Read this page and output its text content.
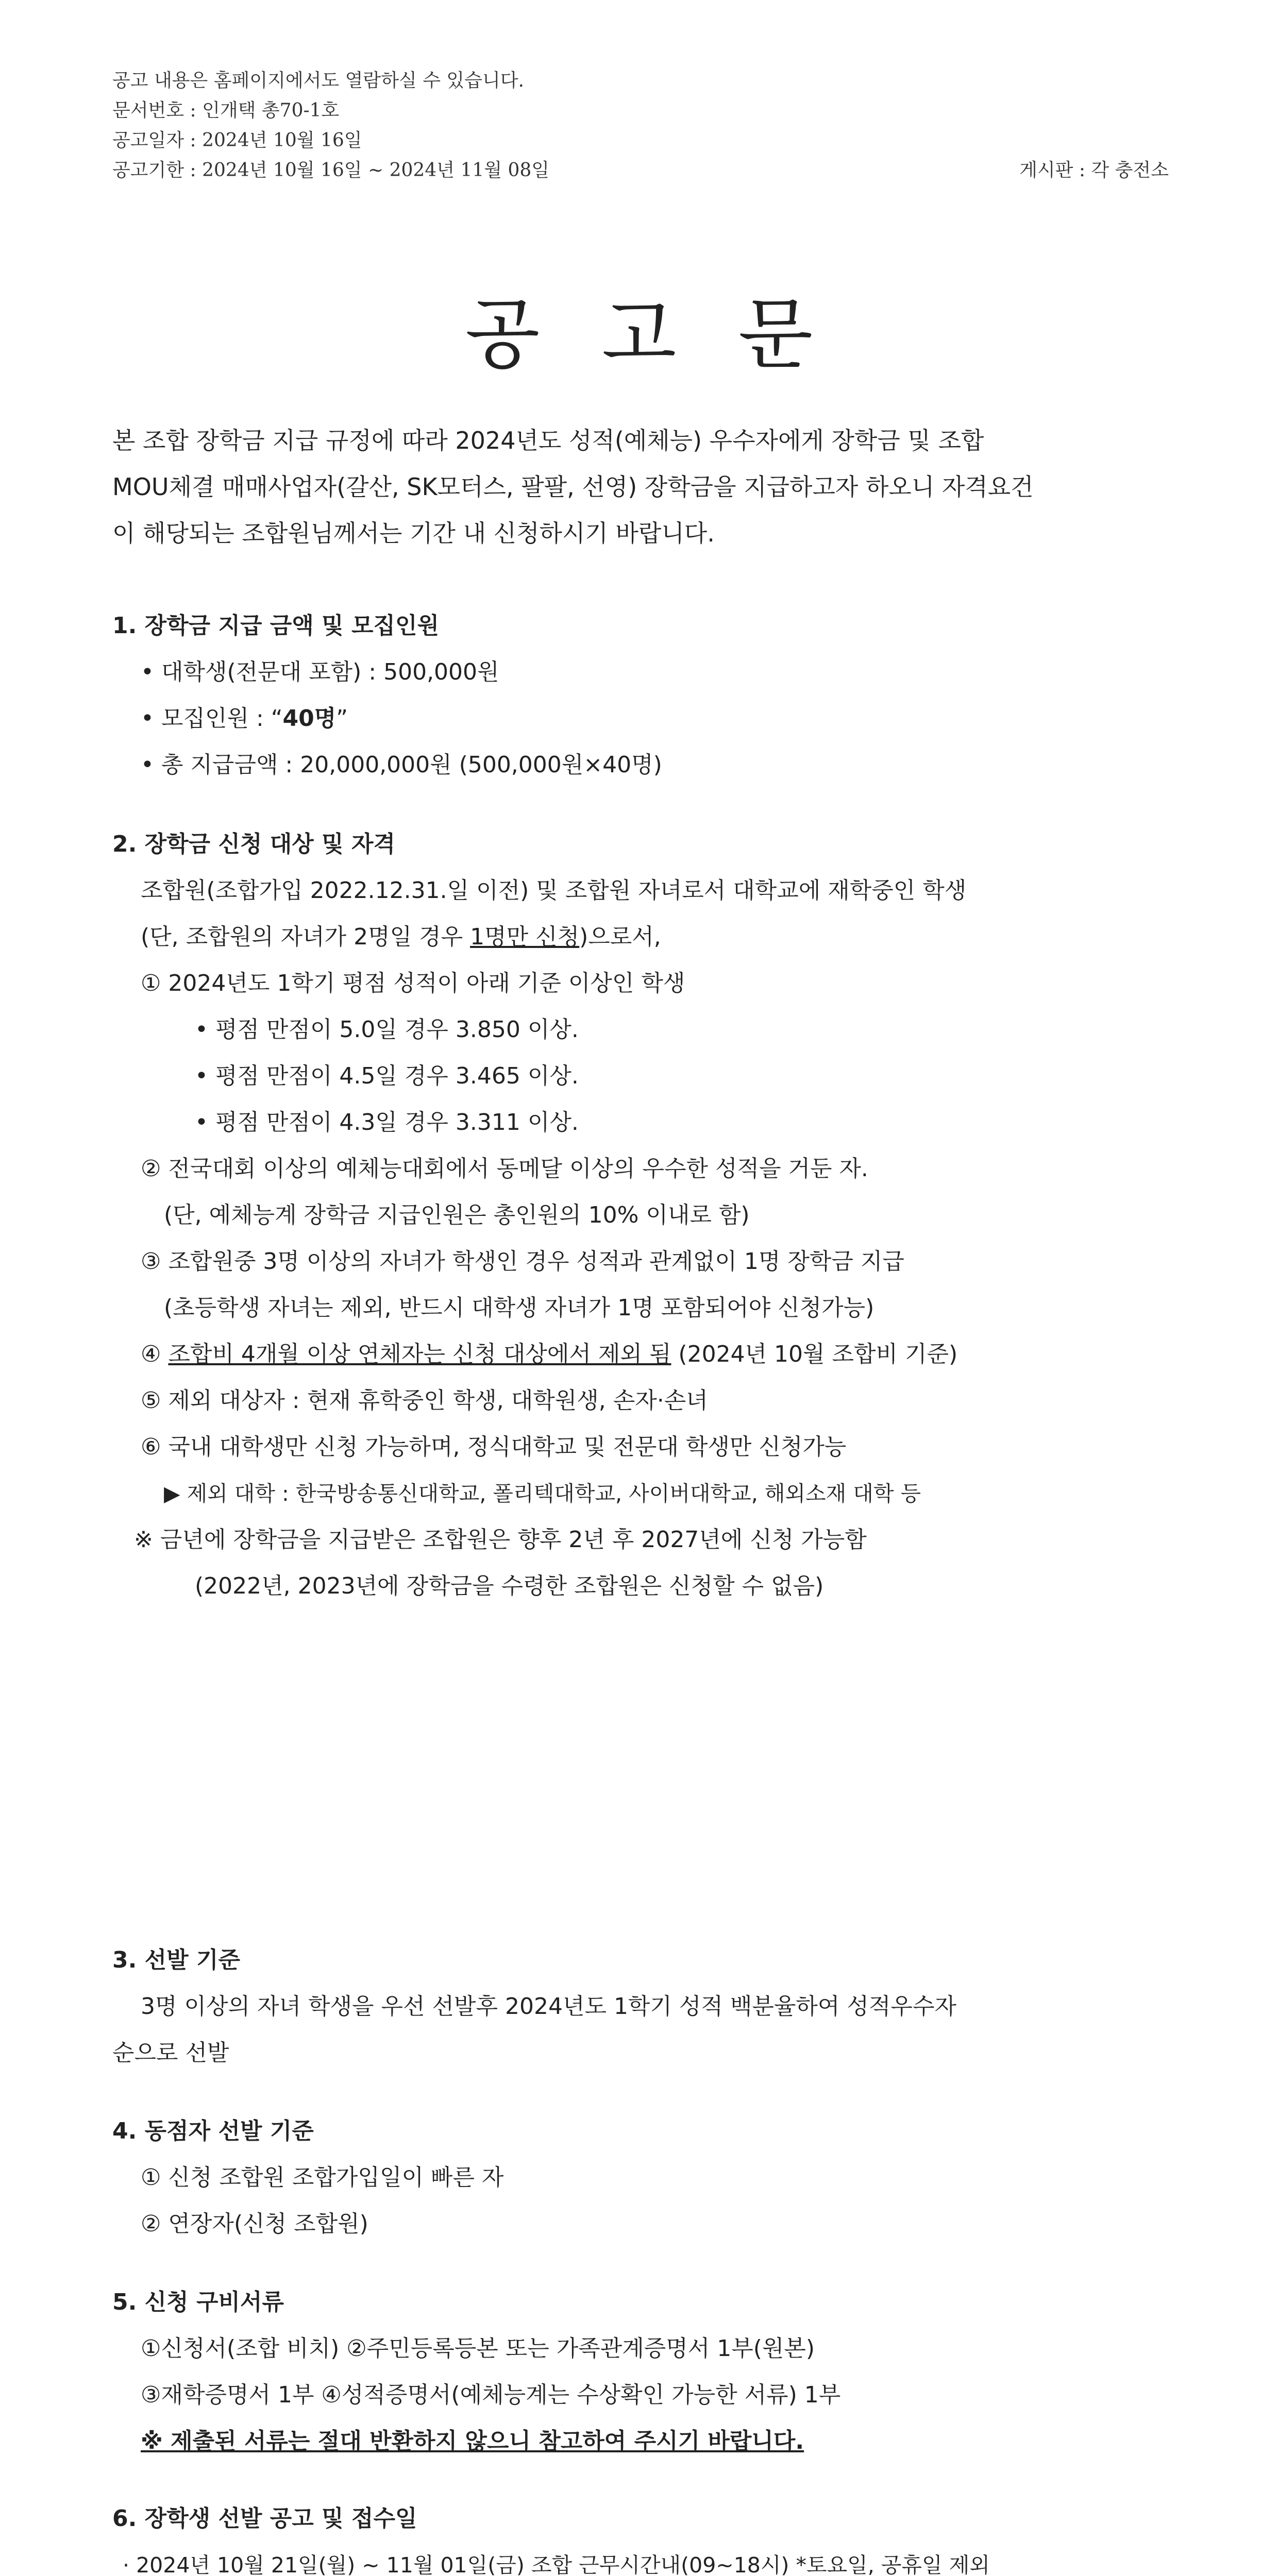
공고 내용은 홈페이지에서도 열람하실 수 있습니다.
문서번호 : 인개택 총70-1호
공고일자 : 2024년 10월 16일
공고기한 : 2024년 10월 16일 ~ 2024년 11월 08일	게시판 : 각 충전소
공고문
본 조합 장학금 지급 규정에 따라 2024년도 성적(예체능) 우수자에게 장학금 및 조합
MOU체결 매매사업자(갈산, SK모터스, 팔팔, 선영) 장학금을 지급하고자 하오니 자격요건
이 해당되는 조합원님께서는 기간 내 신청하시기 바랍니다.
1. 장학금 지급 금액 및 모집인원
• 대학생(전문대 포함) : 500,000원
• 모집인원 : “40명”
• 총 지급금액 : 20,000,000원 (500,000원×40명)
2. 장학금 신청 대상 및 자격
조합원(조합가입 2022.12.31.일 이전) 및 조합원 자녀로서 대학교에 재학중인 학생
(단, 조합원의 자녀가 2명일 경우 1명만 신청)으로서,
① 2024년도 1학기 평점 성적이 아래 기준 이상인 학생
• 평점 만점이 5.0일 경우 3.850 이상.
• 평점 만점이 4.5일 경우 3.465 이상.
• 평점 만점이 4.3일 경우 3.311 이상.
② 전국대회 이상의 예체능대회에서 동메달 이상의 우수한 성적을 거둔 자.
(단, 예체능계 장학금 지급인원은 총인원의 10% 이내로 함)
③ 조합원중 3명 이상의 자녀가 학생인 경우 성적과 관계없이 1명 장학금 지급
(초등학생 자녀는 제외, 반드시 대학생 자녀가 1명 포함되어야 신청가능)
④ 조합비 4개월 이상 연체자는 신청 대상에서 제외 됨 (2024년 10월 조합비 기준)
⑤ 제외 대상자 : 현재 휴학중인 학생, 대학원생, 손자·손녀
⑥ 국내 대학생만 신청 가능하며, 정식대학교 및 전문대 학생만 신청가능
▶ 제외 대학 : 한국방송통신대학교, 폴리텍대학교, 사이버대학교, 해외소재 대학 등
※ 금년에 장학금을 지급받은 조합원은 향후 2년 후 2027년에 신청 가능함
(2022년, 2023년에 장학금을 수령한 조합원은 신청할 수 없음)
3. 선발 기준
3명 이상의 자녀 학생을 우선 선발후 2024년도 1학기 성적 백분율하여 성적우수자
순으로 선발
4. 동점자 선발 기준
① 신청 조합원 조합가입일이 빠른 자
② 연장자(신청 조합원)
5. 신청 구비서류
①신청서(조합 비치) ②주민등록등본 또는 가족관계증명서 1부(원본)
③재학증명서 1부 ④성적증명서(예체능계는 수상확인 가능한 서류) 1부
※ 제출된 서류는 절대 반환하지 않으니 참고하여 주시기 바랍니다.
6. 장학생 선발 공고 및 접수일
· 2024년 10월 21일(월) ~ 11월 01일(금) 조합 근무시간내(09~18시) *토요일, 공휴일 제외
